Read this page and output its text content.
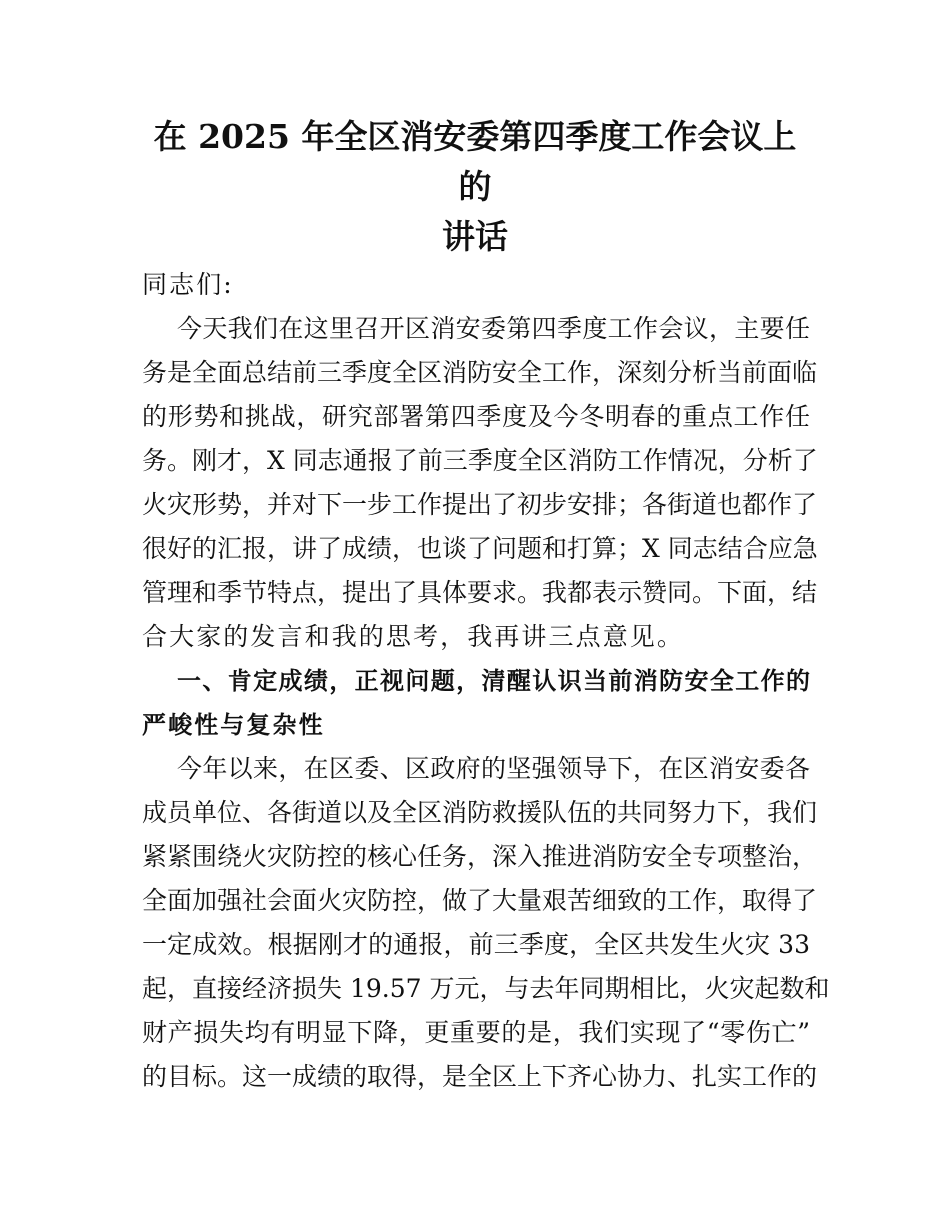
在 2025 年全区消安委第四季度工作会议上的
讲话
同志们:
今天我们在这里召开区消安委第四季度工作会议，主要任
务是全面总结前三季度全区消防安全工作，深刻分析当前面临
的形势和挑战，研究部署第四季度及今冬明春的重点工作任
务。刚才，X 同志通报了前三季度全区消防工作情况，分析了
火灾形势，并对下一步工作提出了初步安排；各街道也都作了
很好的汇报，讲了成绩，也谈了问题和打算；X 同志结合应急
管理和季节特点，提出了具体要求。我都表示赞同。下面，结
合大家的发言和我的思考，我再讲三点意见。
一、肯定成绩，正视问题，清醒认识当前消防安全工作的
严峻性与复杂性
今年以来，在区委、区政府的坚强领导下，在区消安委各
成员单位、各街道以及全区消防救援队伍的共同努力下，我们
紧紧围绕火灾防控的核心任务，深入推进消防安全专项整治，
全面加强社会面火灾防控，做了大量艰苦细致的工作，取得了
一定成效。根据刚才的通报，前三季度，全区共发生火灾 33
起，直接经济损失 19.57 万元，与去年同期相比，火灾起数和
财产损失均有明显下降，更重要的是，我们实现了“零伤亡”
的目标。这一成绩的取得，是全区上下齐心协力、扎实工作的
